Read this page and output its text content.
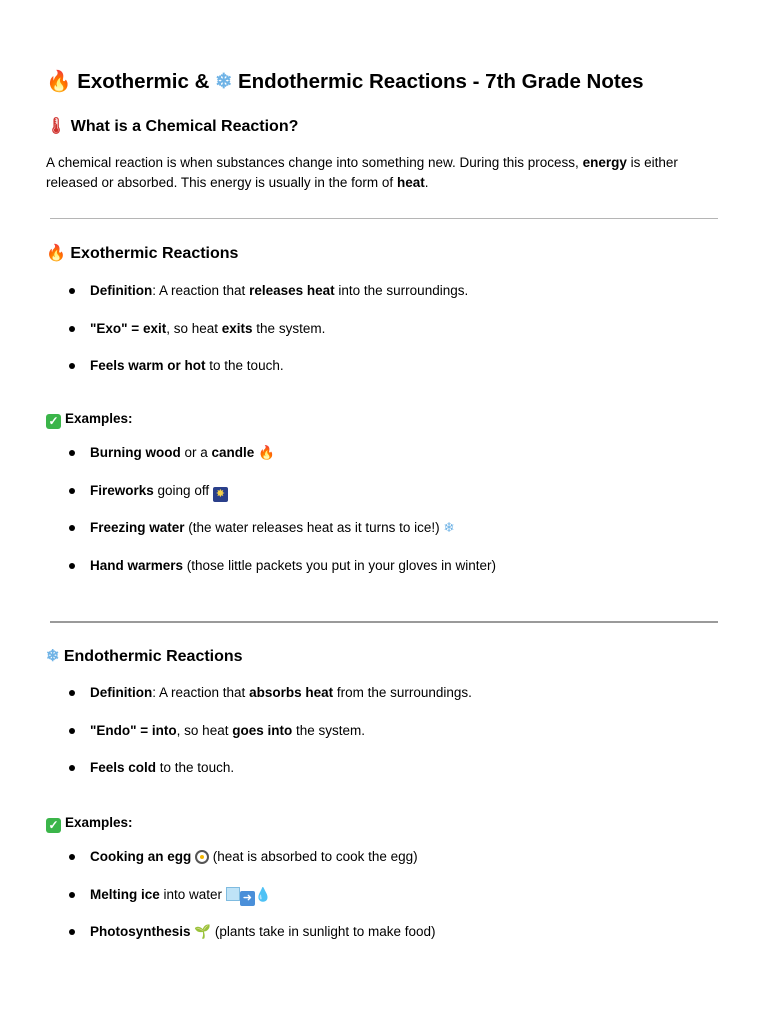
🔥 Exothermic & ❄ Endothermic Reactions - 7th Grade Notes
🌡 What is a Chemical Reaction?
A chemical reaction is when substances change into something new. During this process, energy is either released or absorbed. This energy is usually in the form of heat.
🔥 Exothermic Reactions
Definition: A reaction that releases heat into the surroundings.
"Exo" = exit, so heat exits the system.
Feels warm or hot to the touch.
✓ Examples:
Burning wood or a candle 🔥
Fireworks going off ✸
Freezing water (the water releases heat as it turns to ice!) ❄
Hand warmers (those little packets you put in your gloves in winter)
❄ Endothermic Reactions
Definition: A reaction that absorbs heat from the surroundings.
"Endo" = into, so heat goes into the system.
Feels cold to the touch.
✓ Examples:
Cooking an egg  (heat is absorbed to cook the egg)
Melting ice into water ➜ 💧
Photosynthesis 🌱 (plants take in sunlight to make food)
